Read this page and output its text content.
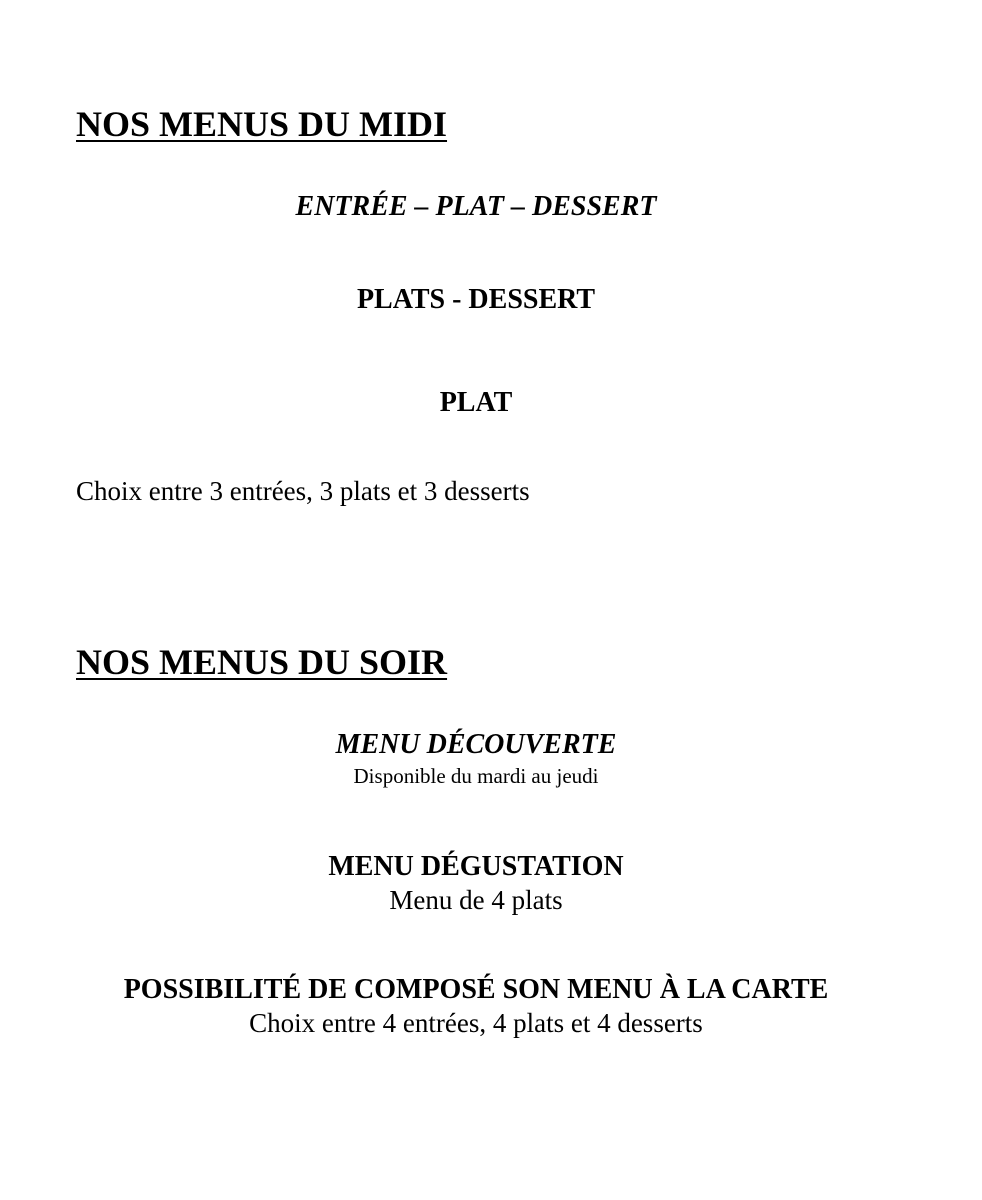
NOS MENUS DU MIDI
ENTRÉE – PLAT – DESSERT
PLATS - DESSERT
PLAT

Choix entre 3 entrées, 3 plats et 3 desserts

NOS MENUS DU SOIR
MENU DÉCOUVERTE
Disponible du mardi au jeudi
MENU DÉGUSTATION
Menu de 4 plats
POSSIBILITÉ DE COMPOSÉ SON MENU À LA CARTE
Choix entre 4 entrées, 4 plats et 4 desserts
